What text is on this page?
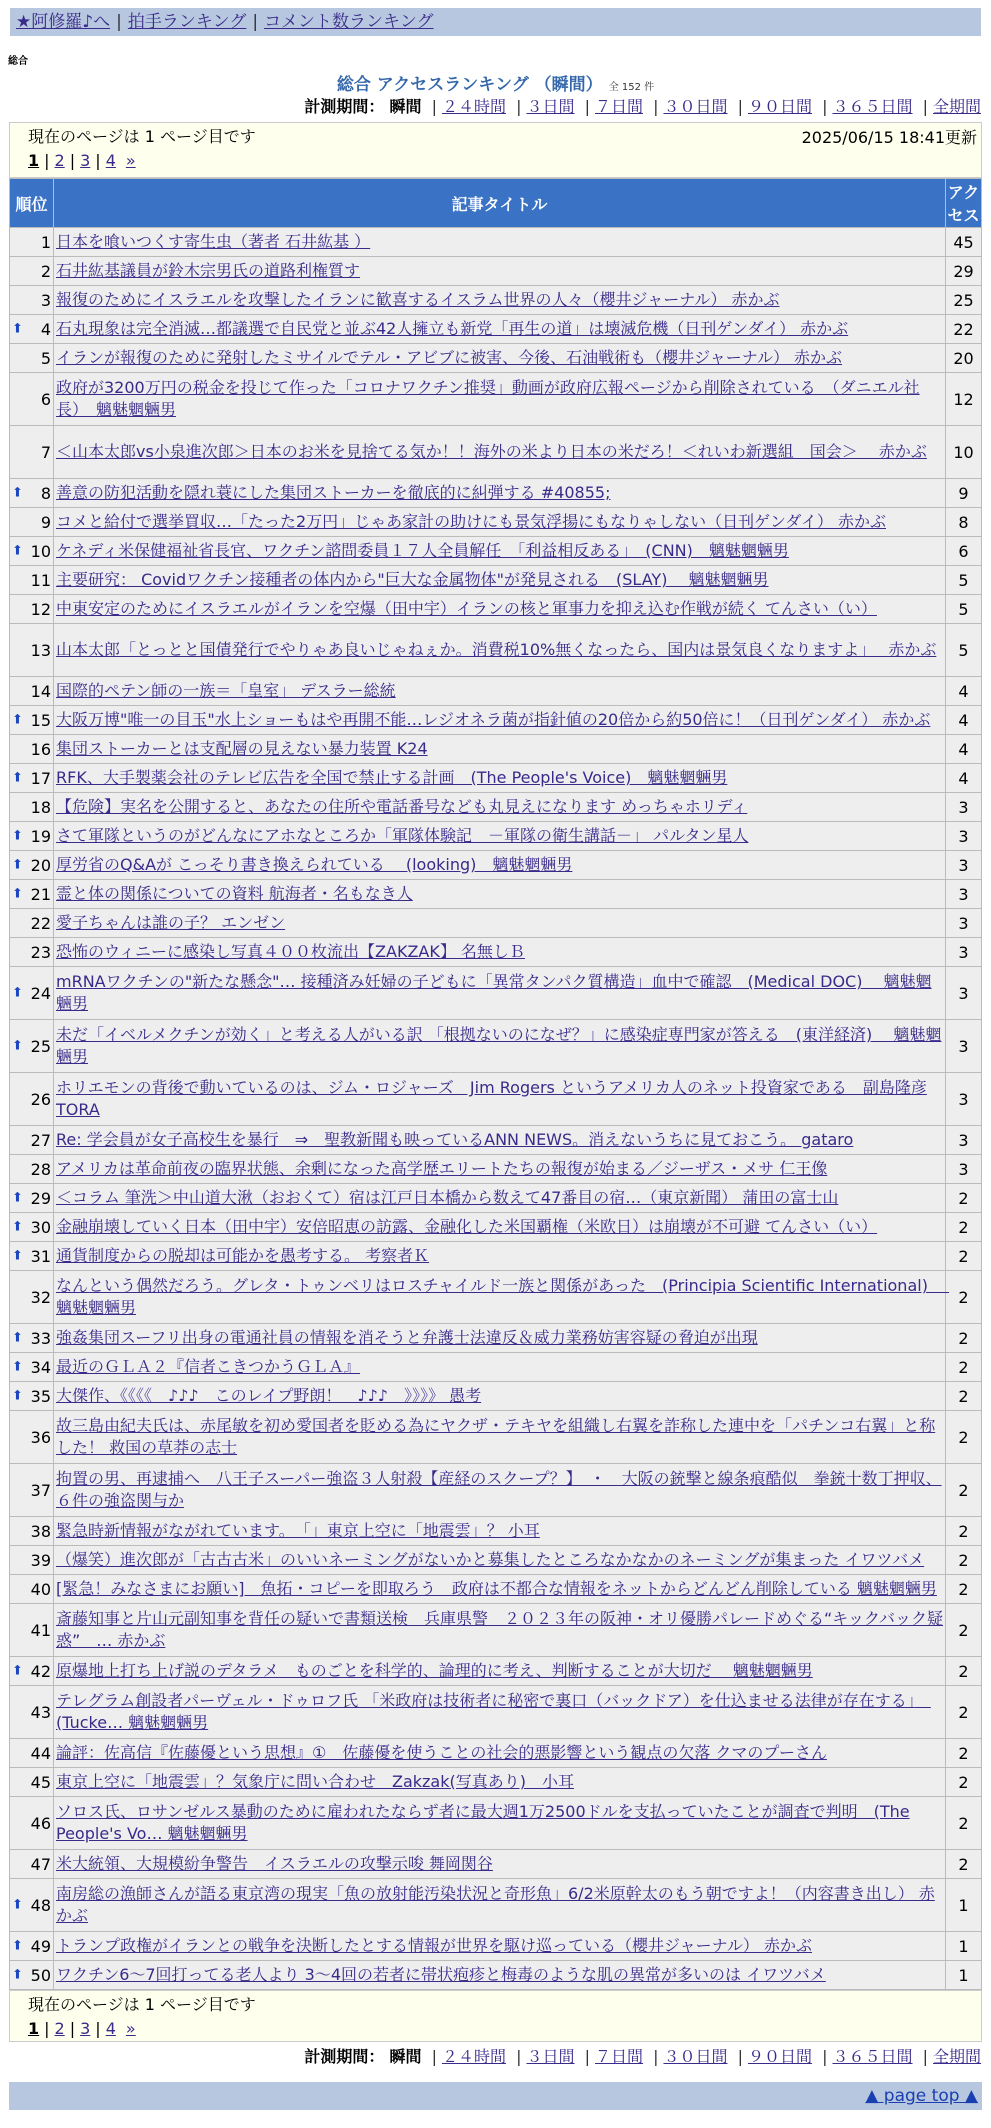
★阿修羅♪へ | 拍手ランキング | コメント数ランキング
総合
総合 アクセスランキング （瞬間） 全 152 件
計測期間： 瞬間 | ２４時間 | ３日間 | ７日間 | ３０日間 | ９０日間 | ３６５日間 | 全期間
現在のページは 1 ページ目です	2025/06/15 18:41更新
1 | 2 | 3 | 4 »
順位	記事タイトル	アクセス
1	日本を喰いつくす寄生虫（著者 石井紘基 ）	45
2	石井紘基議員が鈴木宗男氏の道路利権質す	29
3	報復のためにイスラエルを攻撃したイランに歓喜するイスラム世界の人々（櫻井ジャーナル） 赤かぶ	25

⬆ 4	石丸現象は完全消滅…都議選で自民党と並ぶ42人擁立も新党「再生の道」は壊滅危機（日刊ゲンダイ） 赤かぶ	22
5	イランが報復のために発射したミサイルでテル・アビブに被害、今後、石油戦術も（櫻井ジャーナル） 赤かぶ	20
6	政府が3200万円の税金を投じて作った「コロナワクチン推奨」動画が政府広報ページから削除されている　（ダニエル社長）　魑魅魍魎男	12
7	＜山本太郎vs小泉進次郎＞日本のお米を見捨てる気か！！海外の米より日本の米だろ！＜れいわ新選組　国会＞　 赤かぶ	10

⬆ 8	善意の防犯活動を隠れ蓑にした集団ストーカーを徹底的に糾弾する #40855;	9
9	コメと給付で選挙買収…「たった2万円」じゃあ家計の助けにも景気浮揚にもなりゃしない（日刊ゲンダイ） 赤かぶ	8

⬆ 10	ケネディ米保健福祉省長官、ワクチン諮問委員１７人全員解任　「利益相反ある」　(CNN)　魑魅魍魎男	6
11	主要研究： Covidワクチン接種者の体内から"巨大な金属物体"が発見される　(SLAY)　 魑魅魍魎男	5
12	中東安定のためにイスラエルがイランを空爆（田中宇）イランの核と軍事力を抑え込む作戦が続く てんさい（い）	5
13	山本太郎「とっとと国債発行でやりゃあ良いじゃねぇか。消費税10%無くなったら、国内は景気良くなりますよ」　 赤かぶ	5
14	国際的ペテン師の一族＝「皇室」 デスラー総統	4

⬆ 15	大阪万博"唯一の目玉"水上ショーもはや再開不能…レジオネラ菌が指針値の20倍から約50倍に！（日刊ゲンダイ） 赤かぶ	4
16	集団ストーカーとは支配層の見えない暴力装置 K24	4

⬆ 17	RFK、大手製薬会社のテレビ広告を全国で禁止する計画　(The People's Voice)　魑魅魍魎男	4
18	【危険】実名を公開すると、あなたの住所や電話番号なども丸見えになります めっちゃホリディ	3

⬆ 19	さて軍隊というのがどんなにアホなところか「軍隊体験記　－軍隊の衛生講話－」 パルタン星人	3

⬆ 20	厚労省のQ&Aが こっそり書き換えられている　 (looking)　魑魅魍魎男	3

⬆ 21	霊と体の関係についての資料 航海者・名もなき人	3
22	愛子ちゃんは誰の子？ エンゼン	3
23	恐怖のウィニーに感染し写真４００枚流出【ZAKZAK】 名無しＢ	3

⬆ 24	mRNAワクチンの"新たな懸念"… 接種済み妊婦の子どもに「異常タンパク質構造」血中で確認　(Medical DOC)　 魑魅魍魎男	3

⬆ 25	未だ「イベルメクチンが効く」と考える人がいる訳 「根拠ないのになぜ？」に感染症専門家が答える　(東洋経済)　 魑魅魍魎男	3
26	ホリエモンの背後で動いているのは、ジム・ロジャーズ　Jim Rogers というアメリカ人のネット投資家である　副島隆彦 TORA	3
27	Re: 学会員が女子高校生を暴行　⇒　聖教新聞も映っているANN NEWS。消えないうちに見ておこう。 gataro	3
28	アメリカは革命前夜の臨界状態、余剰になった高学歴エリートたちの報復が始まる／ジーザス・メサ 仁王像	3

⬆ 29	＜コラム 筆洗＞中山道大湫（おおくて）宿は江戸日本橋から数えて47番目の宿…（東京新聞） 蒲田の富士山	2

⬆ 30	金融崩壊していく日本（田中宇）安倍昭恵の訪露、金融化した米国覇権（米欧日）は崩壊が不可避 てんさい（い）	2

⬆ 31	通貨制度からの脱却は可能かを愚考する。 考察者Ｋ	2
32	なんという偶然だろう。グレタ・トゥンベリはロスチャイルド一族と関係があった　(Principia Scientific International)　 魑魅魍魎男	2

⬆ 33	強姦集団スーフリ出身の電通社員の情報を消そうと弁護士法違反＆威力業務妨害容疑の脅迫が出現	2

⬆ 34	最近のＧＬＡ２『信者こきつかうＧＬＡ』	2

⬆ 35	大傑作、《《《《　♪♪♪　このレイプ野朗！　♪♪♪　》》》》 愚考	2
36	故三島由紀夫氏は、赤尾敏を初め愛国者を貶める為にヤクザ・テキヤを組織し右翼を詐称した連中を「パチンコ右翼」と称した！ 救国の草莽の志士	2
37	拘置の男、再逮捕へ　八王子スーパー強盗３人射殺【産経のスクープ？】　・　大阪の銃撃と線条痕酷似　拳銃十数丁押収、６件の強盗関与か	2
38	緊急時新情報がながれています。　「」東京上空に「地震雲」？ 小耳	2
39	（爆笑）進次郎が「古古古米」のいいネーミングがないかと募集したところなかなかのネーミングが集まった イワツバメ	2
40	[緊急！みなさまにお願い]　魚拓・コピーを即取ろう　政府は不都合な情報をネットからどんどん削除している 魑魅魍魎男	2
41	斎藤知事と片山元副知事を背任の疑いで書類送検　兵庫県警　２０２３年の阪神・オリ優勝パレードめぐる“キックバック疑惑”　… 赤かぶ	2

⬆ 42	原爆地上打ち上げ説のデタラメ　ものごとを科学的、論理的に考え、判断することが大切だ　 魑魅魍魎男	2
43	テレグラム創設者パーヴェル・ドゥロフ氏 「米政府は技術者に秘密で裏口（バックドア）を仕込ませる法律が存在する」　(Tucke… 魑魅魍魎男	2
44	論評：佐高信『佐藤優という思想』①　佐藤優を使うことの社会的悪影響という観点の欠落 クマのプーさん	2
45	東京上空に「地震雲」？気象庁に問い合わせ　Zakzak(写真あり)　小耳	2
46	ソロス氏、ロサンゼルス暴動のために雇われたならず者に最大週1万2500ドルを支払っていたことが調査で判明　(The People's Vo… 魑魅魍魎男	2
47	米大統領、大規模紛争警告　イスラエルの攻撃示唆 舞岡関谷	2

⬆ 48	南房総の漁師さんが語る東京湾の現実「魚の放射能汚染状況と奇形魚」6/2米原幹太のもう朝ですよ！（内容書き出し） 赤かぶ	1

⬆ 49	トランプ政権がイランとの戦争を決断したとする情報が世界を駆け巡っている（櫻井ジャーナル） 赤かぶ	1

⬆ 50	ワクチン6～7回打ってる老人より 3～4回の若者に帯状疱疹と梅毒のような肌の異常が多いのは イワツバメ	1
現在のページは 1 ページ目です
1 | 2 | 3 | 4 »
計測期間： 瞬間 | ２４時間 | ３日間 | ７日間 | ３０日間 | ９０日間 | ３６５日間 | 全期間
▲ page top ▲
